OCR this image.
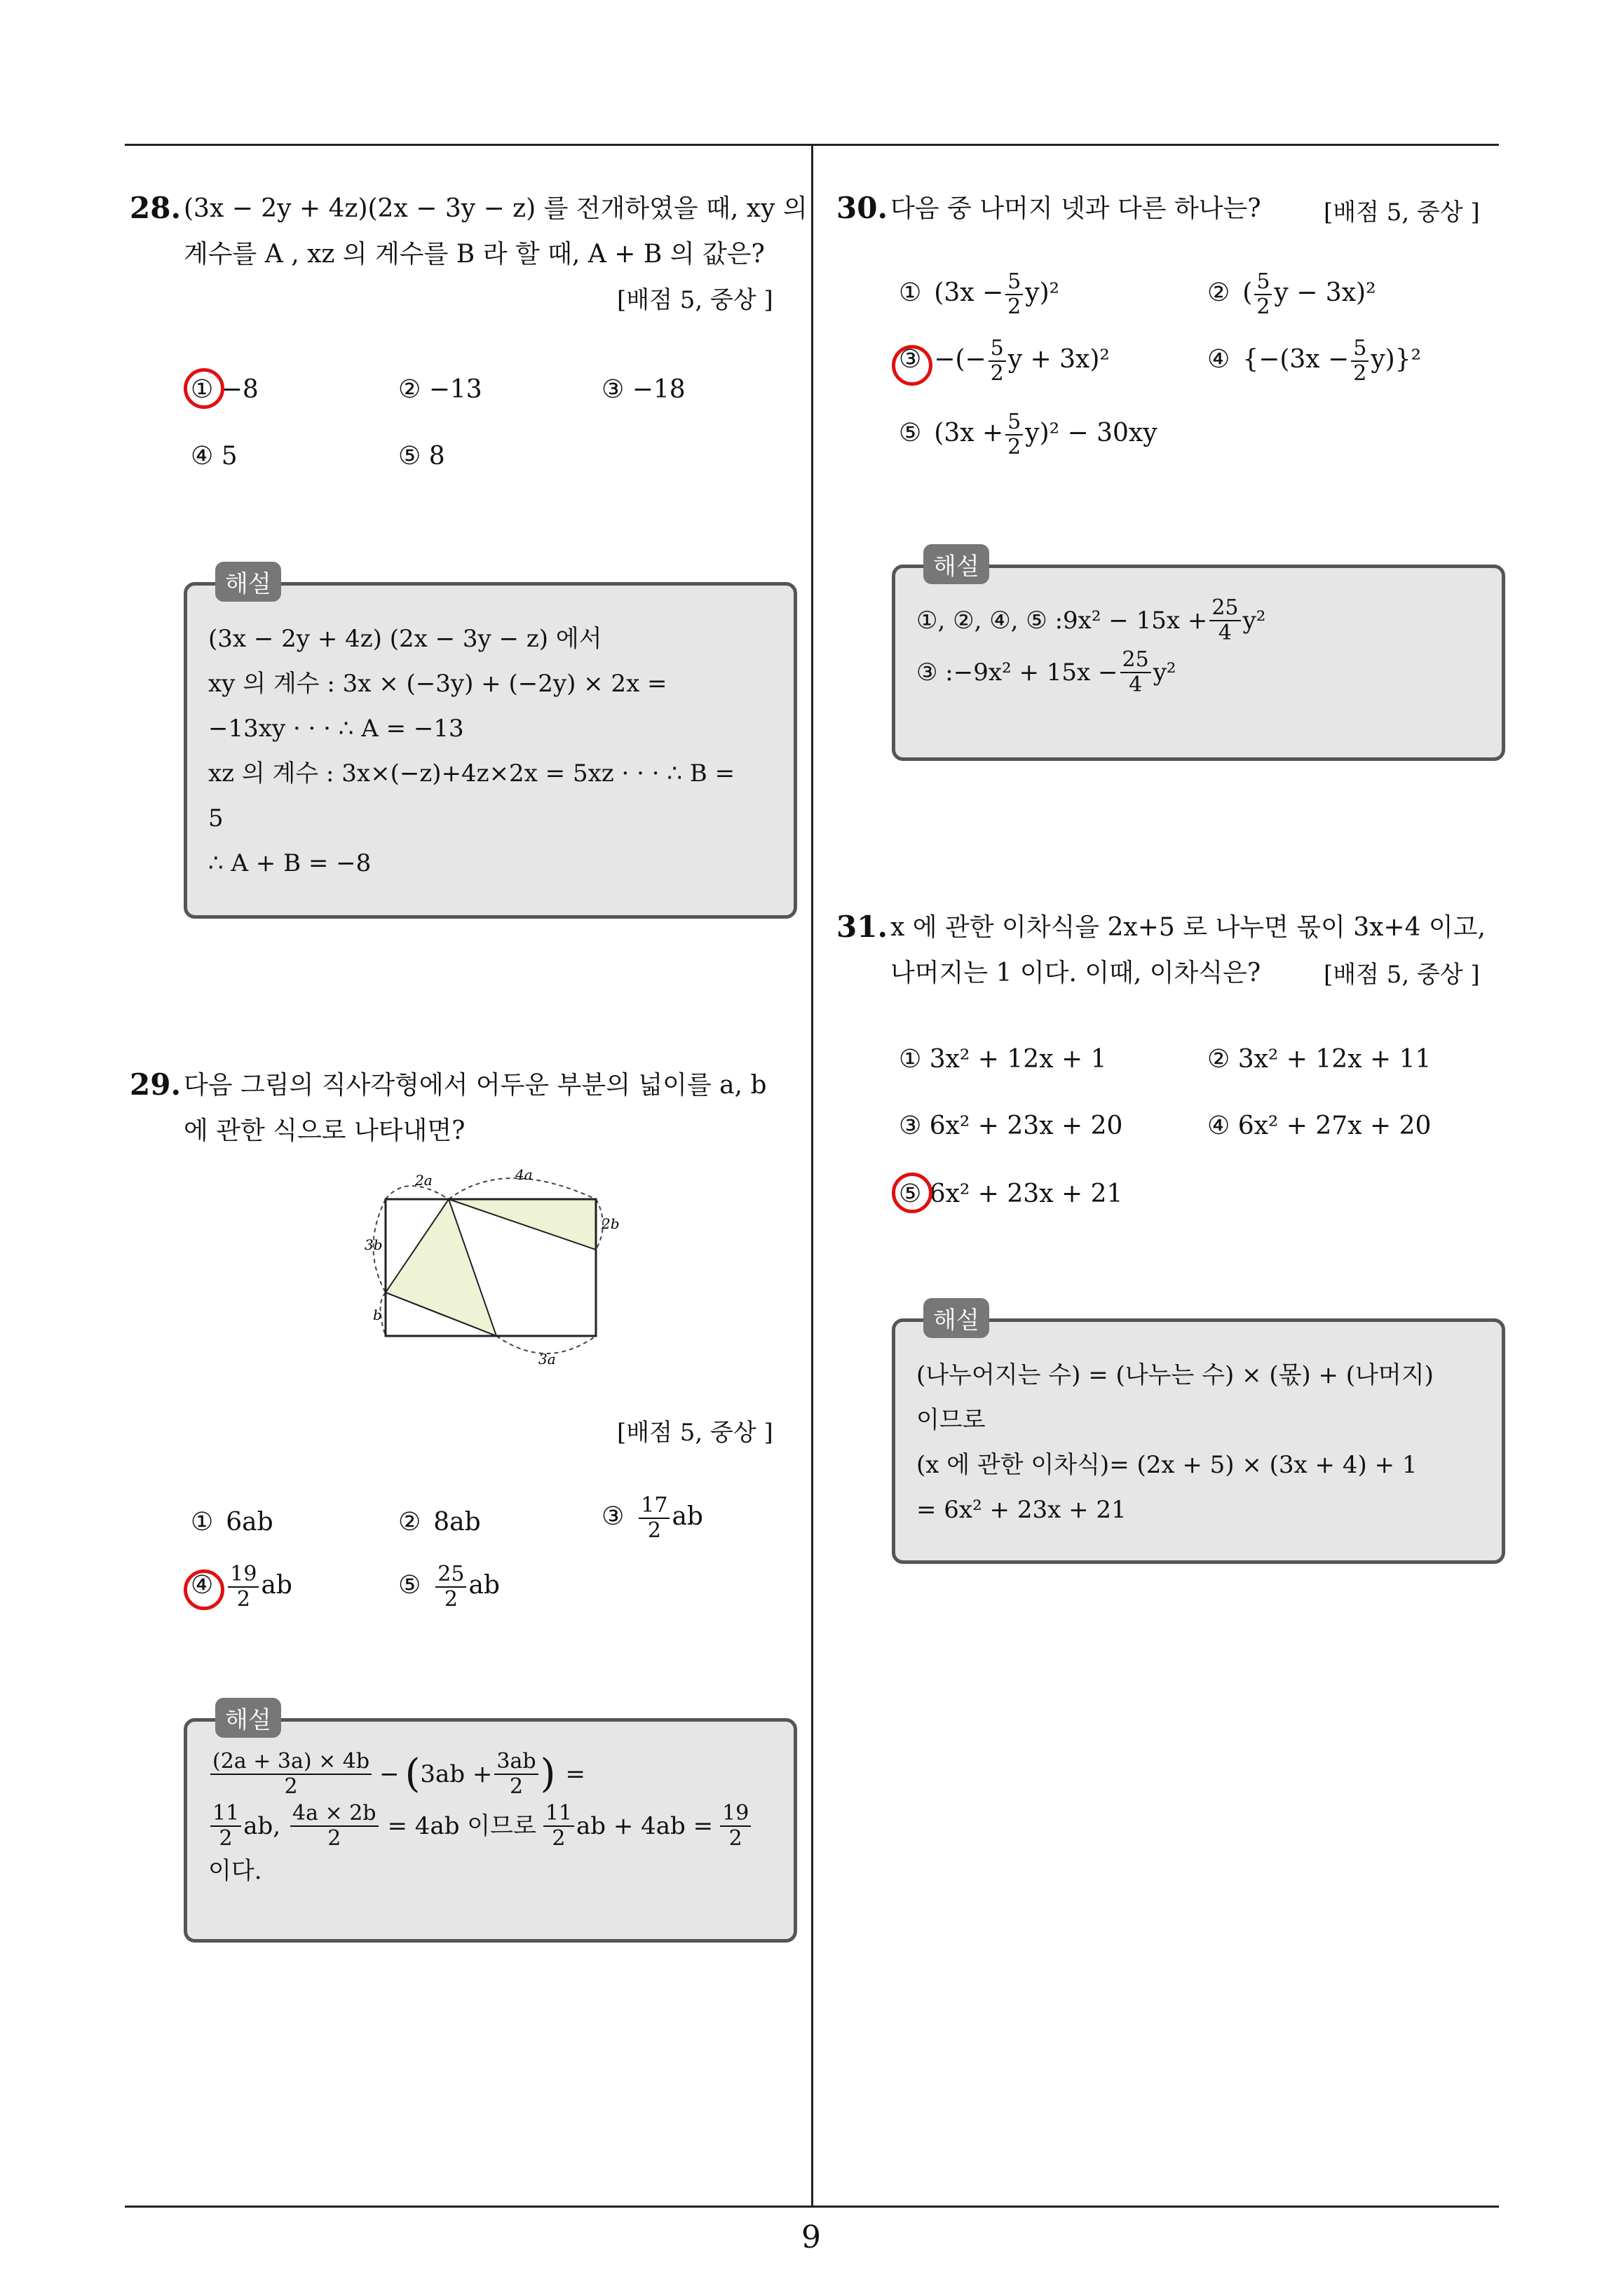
28. (3x − 2y + 4z)(2x − 3y − z) 를 전개하였을 때, xy 의
계수를 A , xz 의 계수를 B 라 할 때, A + B 의 값은?
[배점 5, 중상 ]
① −8	② −13	③ −18
④ 5	⑤ 8
해설
(3x − 2y + 4z) (2x − 3y − z) 에서
xy 의 계수 : 3x × (−3y) + (−2y) × 2x =
−13xy · · · ∴ A = −13
xz 의 계수 : 3x×(−z)+4z×2x = 5xz · · · ∴ B =
5
∴ A + B = −8
29. 다음 그림의 직사각형에서 어두운 부분의 넓이를 a, b
에 관한 식으로 나타내면?
2a	4a
3b
2b
b
3a
[배점 5, 중상 ]
① 6ab	② 8ab	③ $\frac{17}{2}$ ab
④ $\frac{19}{2}$ ab	⑤ $\frac{25}{2}$ ab
해설
$\frac{(2a + 3a) \times 4b}{2}$ − ( $3ab + \frac{3ab}{2}$ ) =
$\frac{11}{2}$ ab, $\frac{4a \times 2b}{2} = 4ab$ 이므로 $\frac{11}{2}$ ab + $4ab = \frac{19}{2}$
이다.
30. 다음 중 나머지 넷과 다른 하나는?	[배점 5, 중상 ]
① $(3x - \frac{5}{2} y)^2$	② ( $\frac{5}{2}$ y − 3x)²
③ −(− $\frac{5}{2}$ y + 3x)²	④ $\{-(3x - \frac{5}{2} y)\}^2$
⑤ $(3x + \frac{5}{2} y)^2 - 30xy$
해설
①, ②, ④, ⑤ :9x² − $15x + \frac{25}{4} y^2$
③ :−9x² + $15x - \frac{25}{4} y^2$
31. x 에 관한 이차식을 2x+5 로 나누면 몫이 3x+4 이고,
나머지는 1 이다. 이때, 이차식은?	[배점 5, 중상 ]
① 3x² + 12x + 1	② 3x² + 12x + 11
③ 6x² + 23x + 20	④ 6x² + 27x + 20
⑤ 6x² + 23x + 21
해설
(나누어지는 수) = (나누는 수) × (몫) + (나머지)
이므로
(x 에 관한 이차식)= (2x + 5) × (3x + 4) + 1
= 6x² + 23x + 21
9
